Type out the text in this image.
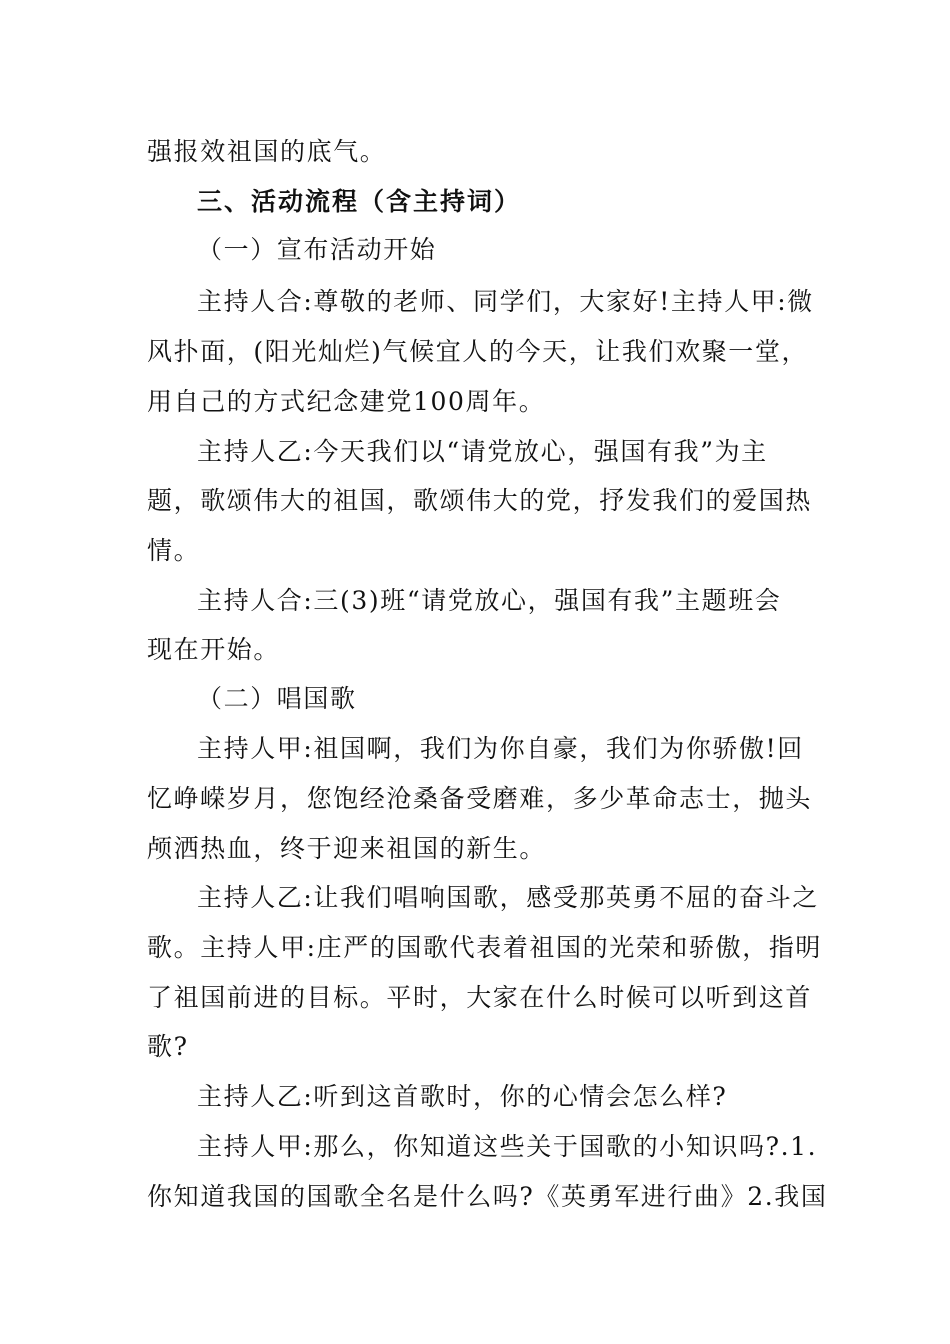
强报效祖国的底气。
三、活动流程（含主持词）
（一）宣布活动开始
主持人合:尊敬的老师、同学们，大家好!主持人甲:微
风扑面，(阳光灿烂)气候宜人的今天，让我们欢聚一堂，
用自己的方式纪念建党100周年。
主持人乙:今天我们以“请党放心，强国有我”为主
题，歌颂伟大的祖国，歌颂伟大的党，抒发我们的爱国热
情。
主持人合:三(3)班“请党放心，强国有我”主题班会
现在开始。
（二）唱国歌
主持人甲:祖国啊，我们为你自豪，我们为你骄傲!回
忆峥嵘岁月，您饱经沧桑备受磨难，多少革命志士，抛头
颅洒热血，终于迎来祖国的新生。
主持人乙:让我们唱响国歌，感受那英勇不屈的奋斗之
歌。主持人甲:庄严的国歌代表着祖国的光荣和骄傲，指明
了祖国前进的目标。平时，大家在什么时候可以听到这首
歌?
主持人乙:听到这首歌时，你的心情会怎么样?
主持人甲:那么，你知道这些关于国歌的小知识吗?.1.
你知道我国的国歌全名是什么吗?《英勇军进行曲》2.我国
